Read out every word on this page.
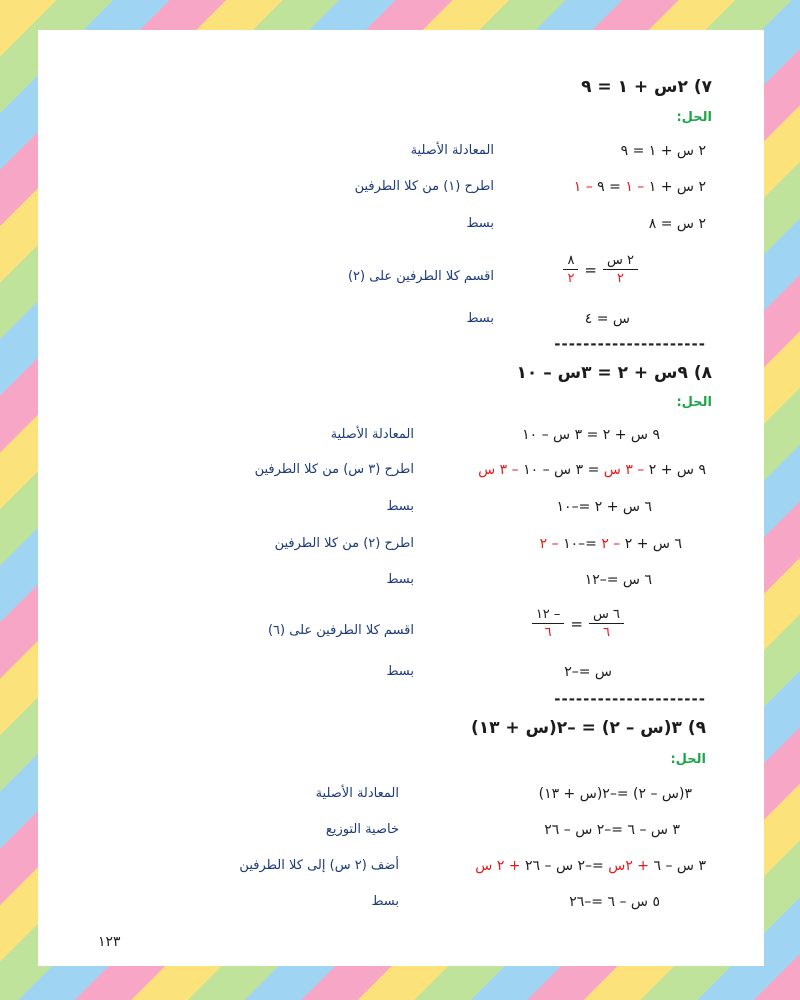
٧) ٢س + ١ = ٩
الحل:
٢ س + ١ = ٩
المعادلة الأصلية
٢ س + ١ – ١ = ٩ – ١
اطرح (١) من كلا الطرفين
٢ س = ٨
بسط
$\frac{\text{٢ س}}{٢}$
=
$\frac{٨}{٢}$
اقسم كلا الطرفين على (٢)
س = ٤
بسط
---------------------
٨) ٩س + ٢ = ٣س – ١٠
الحل:
٩ س + ٢ = ٣ س – ١٠
المعادلة الأصلية
٩ س + ٢ – ٣ س = ٣ س – ١٠ – ٣ س
اطرح (٣ س) من كلا الطرفين
٦ س + ٢ =–١٠
بسط
٦ س + ٢ – ٢ =–١٠ – ٢
اطرح (٢) من كلا الطرفين
٦ س =–١٢
بسط
$\frac{\text{٦ س}}{٦}$
=
$\frac{- ١٢}{٦}$
اقسم كلا الطرفين على (٦)
س =–٢
بسط
---------------------
٩) ٣(س – ٢) = –٢(س + ١٣)
الحل:
٣(س – ٢) =–٢(س + ١٣)
المعادلة الأصلية
٣ س – ٦ =–٢ س – ٢٦
خاصية التوزيع
٣ س – ٦ + ٢س =–٢ س – ٢٦ + ٢ س
أضف (٢ س) إلى كلا الطرفين
٥ س – ٦ =–٢٦
بسط
١٢٣
